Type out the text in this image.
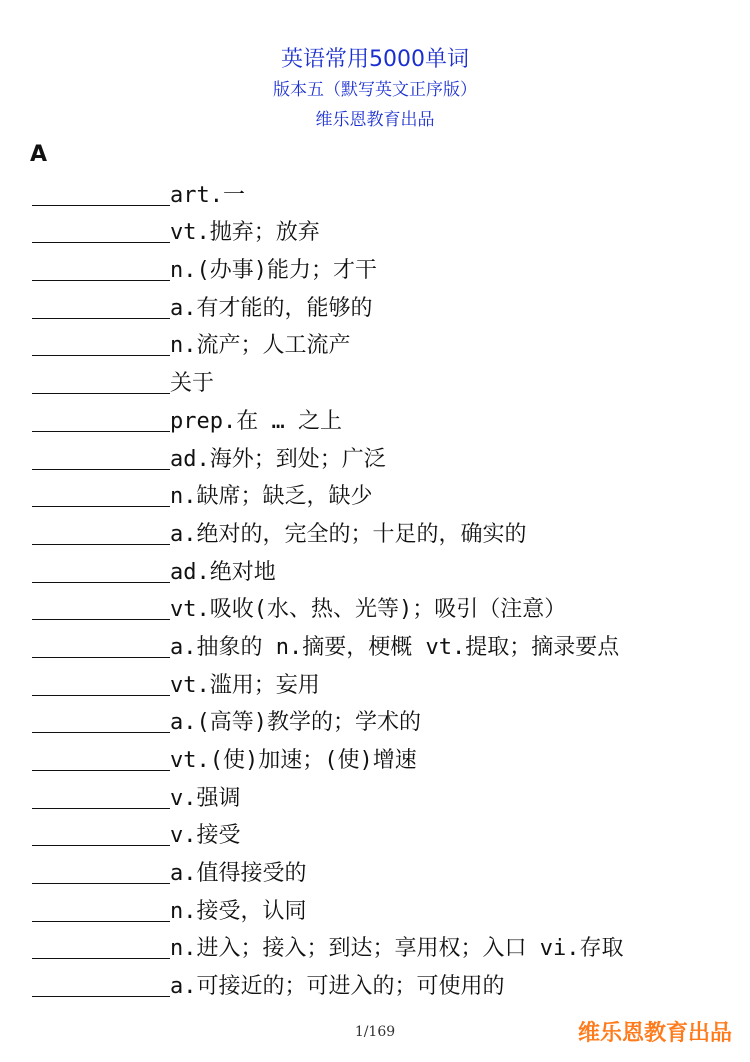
英语常用5000单词
版本五（默写英文正序版）
维乐恩教育出品
A
art.一
vt.抛弃；放弃
n.(办事)能力；才干
a.有才能的，能够的
n.流产；人工流产
关于
prep.在 … 之上
ad.海外；到处；广泛
n.缺席；缺乏，缺少
a.绝对的，完全的；十足的，确实的
ad.绝对地
vt.吸收(水、热、光等)；吸引（注意）
a.抽象的 n.摘要，梗概 vt.提取；摘录要点
vt.滥用；妄用
a.(高等)教学的；学术的
vt.(使)加速；(使)增速
v.强调
v.接受
a.值得接受的
n.接受，认同
n.进入；接入；到达；享用权；入口 vi.存取
a.可接近的；可进入的；可使用的
1/169	维乐恩教育出品
